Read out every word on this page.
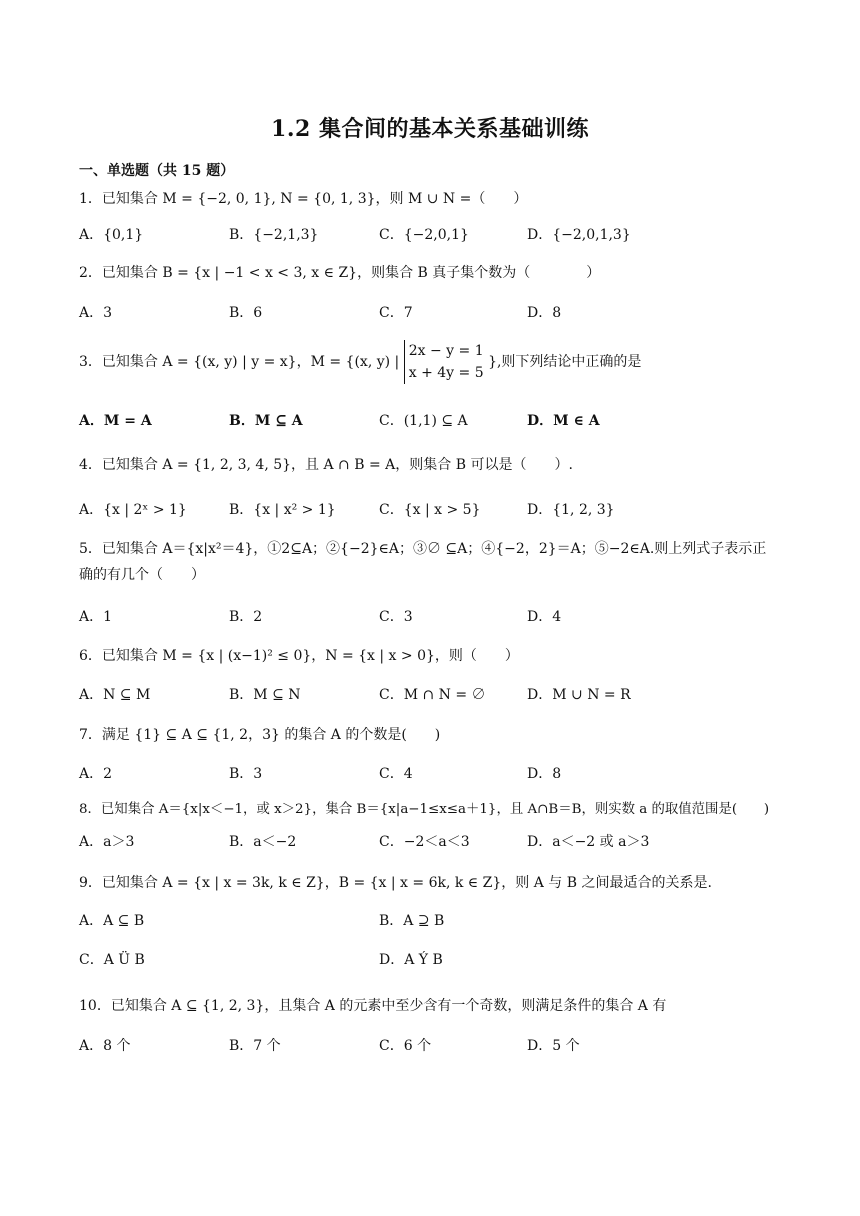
1.2 集合间的基本关系基础训练
一、单选题（共 15 题）
1．已知集合 M = {−2, 0, 1}, N = {0, 1, 3}，则 M ∪ N =（　　）
A．{0,1}	B．{−2,1,3}	C．{−2,0,1}	D．{−2,0,1,3}
2．已知集合 B = {x | −1 < x < 3, x ∈ Z}，则集合 B 真子集个数为（　　　　）
A．3	B．6	C．7	D．8
3．已知集合 A = {(x, y) | y = x}，M = {(x, y) |
2x − y = 1
x + 4y = 5
},则下列结论中正确的是
A．M = A	B．M ⊆ A	C．(1,1) ⊆ A	D．M ∈ A
4．已知集合 A = {1, 2, 3, 4, 5}，且 A ∩ B = A，则集合 B 可以是（　　）.
A．{x | 2ˣ > 1}	B．{x | x² > 1}	C．{x | x > 5}	D．{1, 2, 3}
5．已知集合 A＝{x|x²＝4}，①2⊆A；②{−2}∈A；③∅ ⊆A；④{−2，2}＝A；⑤−2∈A.则上列式子表示正确的有几个（　　）
A．1	B．2	C．3	D．4
6．已知集合 M = {x | (x−1)² ≤ 0}，N = {x | x > 0}，则（　　）
A．N ⊆ M	B．M ⊆ N	C．M ∩ N = ∅	D．M ∪ N = R
7．满足 {1} ⊆ A ⊆ {1, 2，3} 的集合 A 的个数是(　　)
A．2	B．3	C．4	D．8
8．已知集合 A＝{x|x＜−1，或 x＞2}，集合 B＝{x|a−1≤x≤a＋1}，且 A∩B＝B，则实数 a 的取值范围是(　　)
A．a＞3	B．a＜−2	C．−2＜a＜3	D．a＜−2 或 a＞3
9．已知集合 A = {x | x = 3k, k ∈ Z}，B = {x | x = 6k, k ∈ Z}，则 A 与 B 之间最适合的关系是.
A．A ⊆ B	B．A ⊇ B
C．A Ü B	D．A Ý B
10．已知集合 A ⊆ {1, 2, 3}，且集合 A 的元素中至少含有一个奇数，则满足条件的集合 A 有
A．8 个	B．7 个	C．6 个	D．5 个
